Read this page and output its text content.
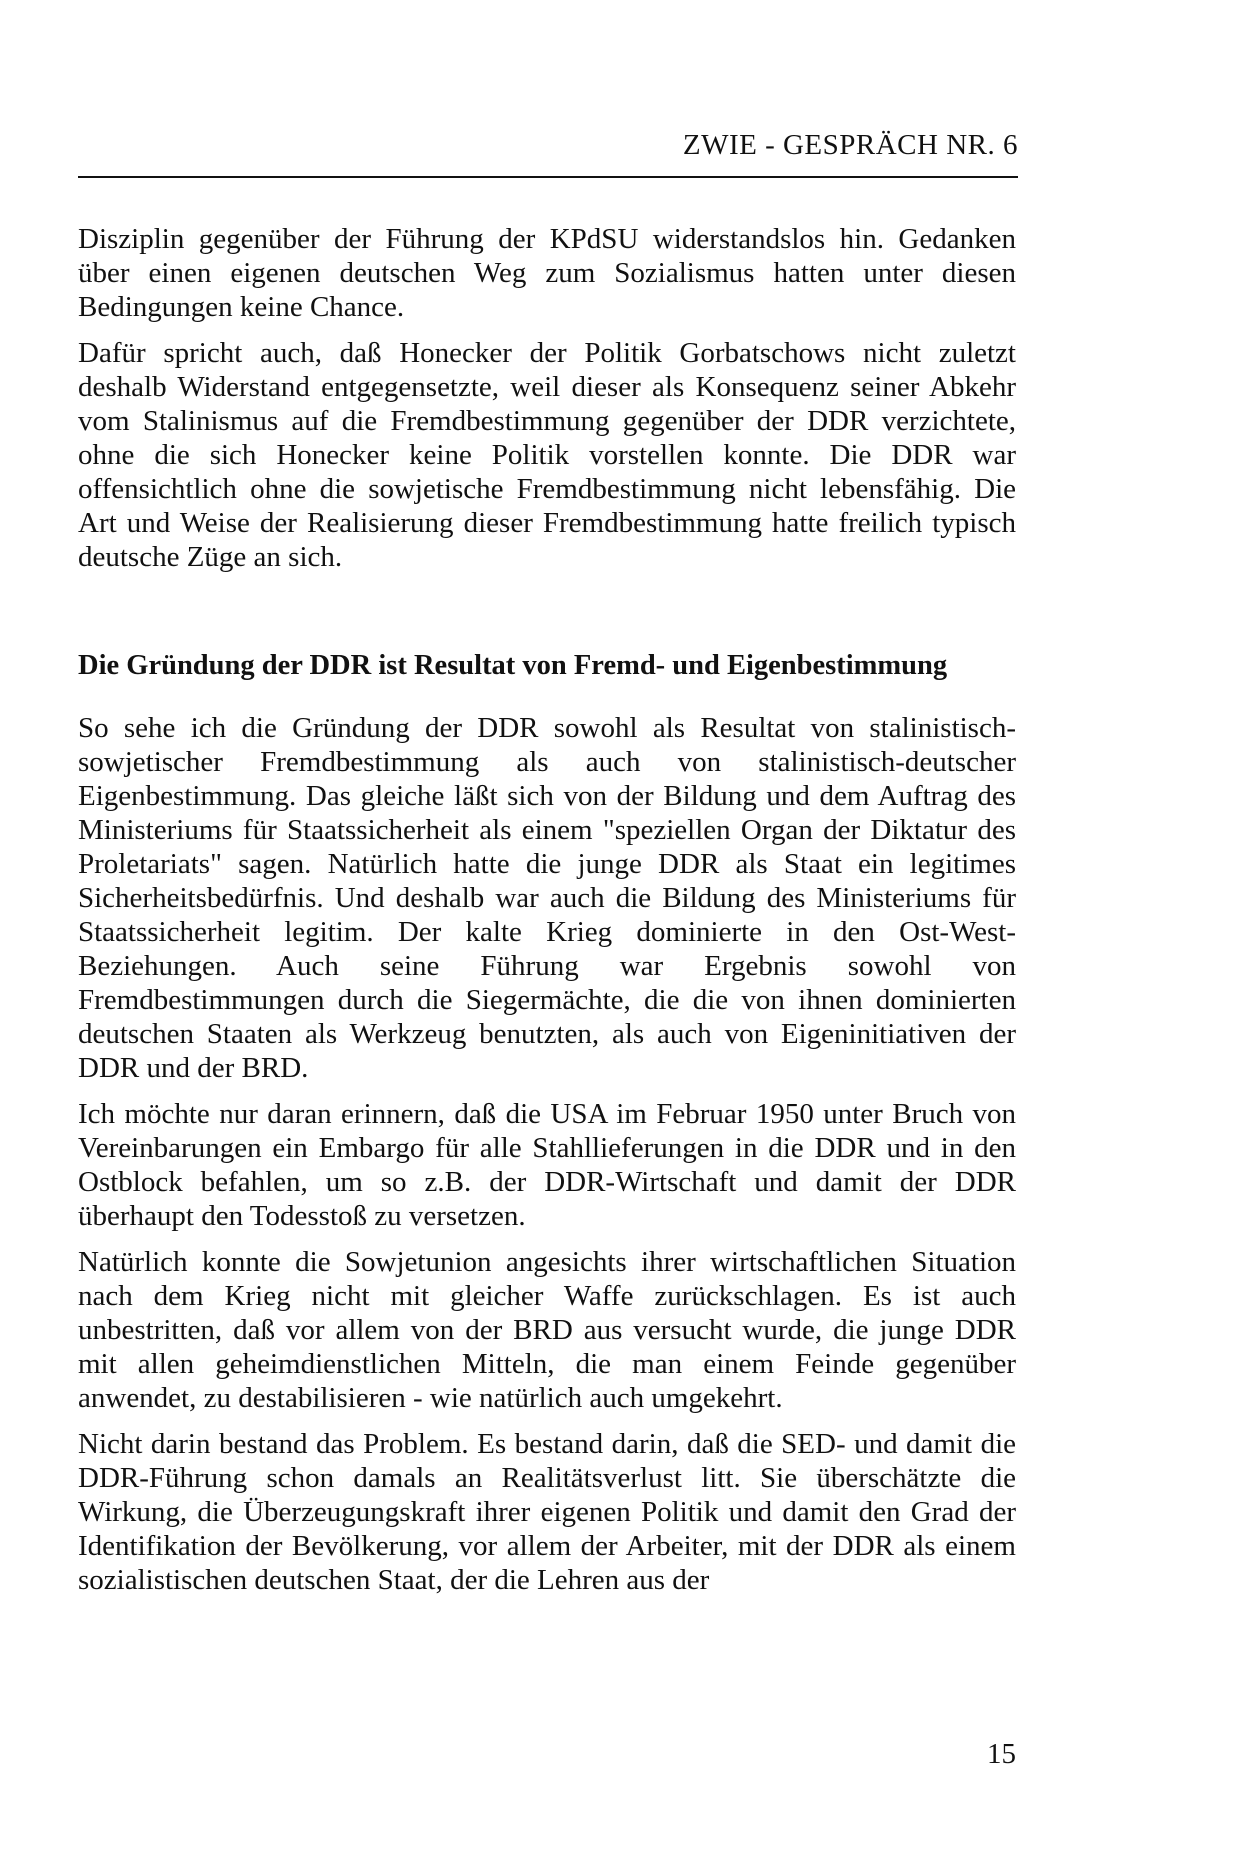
ZWIE - GESPRÄCH NR. 6

Disziplin gegenüber der Führung der KPdSU widerstandslos hin. Gedanken über einen eigenen deutschen Weg zum Sozialismus hatten unter diesen Bedingungen keine Chance.

Dafür spricht auch, daß Honecker der Politik Gorbatschows nicht zuletzt deshalb Widerstand entgegensetzte, weil dieser als Konsequenz seiner Abkehr vom Stalinismus auf die Fremdbestimmung gegenüber der DDR verzichtete, ohne die sich Honecker keine Politik vorstellen konnte. Die DDR war offensichtlich ohne die sowjetische Fremdbestimmung nicht lebensfähig. Die Art und Weise der Realisierung dieser Fremdbestimmung hatte freilich typisch deutsche Züge an sich.

Die Gründung der DDR ist Resultat von Fremd- und Eigenbestimmung

So sehe ich die Gründung der DDR sowohl als Resultat von stalinistisch-sowjetischer Fremdbestimmung als auch von stalinistisch-deutscher Eigenbestimmung. Das gleiche läßt sich von der Bildung und dem Auftrag des Ministeriums für Staatssicherheit als einem "speziellen Organ der Diktatur des Proletariats" sagen. Natürlich hatte die junge DDR als Staat ein legitimes Sicherheitsbedürfnis. Und deshalb war auch die Bildung des Ministeriums für Staatssicherheit legitim. Der kalte Krieg dominierte in den Ost-West-Beziehungen. Auch seine Führung war Ergebnis sowohl von Fremdbestimmungen durch die Siegermächte, die die von ihnen dominierten deutschen Staaten als Werkzeug benutzten, als auch von Eigeninitiativen der DDR und der BRD.

Ich möchte nur daran erinnern, daß die USA im Februar 1950 unter Bruch von Vereinbarungen ein Embargo für alle Stahllieferungen in die DDR und in den Ostblock befahlen, um so z.B. der DDR-Wirtschaft und damit der DDR überhaupt den Todesstoß zu versetzen.

Natürlich konnte die Sowjetunion angesichts ihrer wirtschaftlichen Situation nach dem Krieg nicht mit gleicher Waffe zurückschlagen. Es ist auch unbestritten, daß vor allem von der BRD aus versucht wurde, die junge DDR mit allen geheimdienstlichen Mitteln, die man einem Feinde gegenüber anwendet, zu destabilisieren - wie natürlich auch umgekehrt.

Nicht darin bestand das Problem. Es bestand darin, daß die SED- und damit die DDR-Führung schon damals an Realitätsverlust litt. Sie überschätzte die Wirkung, die Überzeugungskraft ihrer eigenen Politik und damit den Grad der Identifikation der Bevölkerung, vor allem der Arbeiter, mit der DDR als einem sozialistischen deutschen Staat, der die Lehren aus der

15
